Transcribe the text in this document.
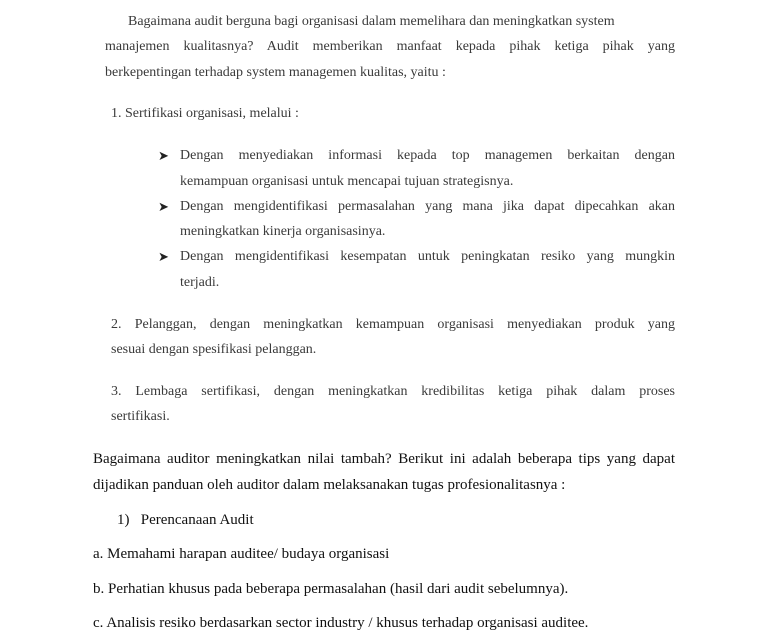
Bagaimana audit berguna bagi organisasi dalam memelihara dan meningkatkan system
manajemen kualitasnya? Audit memberikan manfaat kepada pihak ketiga pihak yang
berkepentingan terhadap system managemen kualitas, yaitu :
1. Sertifikasi organisasi, melalui :
➤ Dengan menyediakan informasi kepada top managemen berkaitan dengan
kemampuan organisasi untuk mencapai tujuan strategisnya.
➤ Dengan mengidentifikasi permasalahan yang mana jika dapat dipecahkan akan
meningkatkan kinerja organisasinya.
➤ Dengan mengidentifikasi kesempatan untuk peningkatan resiko yang mungkin
terjadi.
2. Pelanggan, dengan meningkatkan kemampuan organisasi menyediakan produk yang
sesuai dengan spesifikasi pelanggan.
3. Lembaga sertifikasi, dengan meningkatkan kredibilitas ketiga pihak dalam proses
sertifikasi.
Bagaimana auditor meningkatkan nilai tambah? Berikut ini adalah beberapa tips yang dapat
dijadikan panduan oleh auditor dalam melaksanakan tugas profesionalitasnya :
1)   Perencanaan Audit
a. Memahami harapan auditee/ budaya organisasi
b. Perhatian khusus pada beberapa permasalahan (hasil dari audit sebelumnya).
c. Analisis resiko berdasarkan sector industry / khusus terhadap organisasi auditee.
